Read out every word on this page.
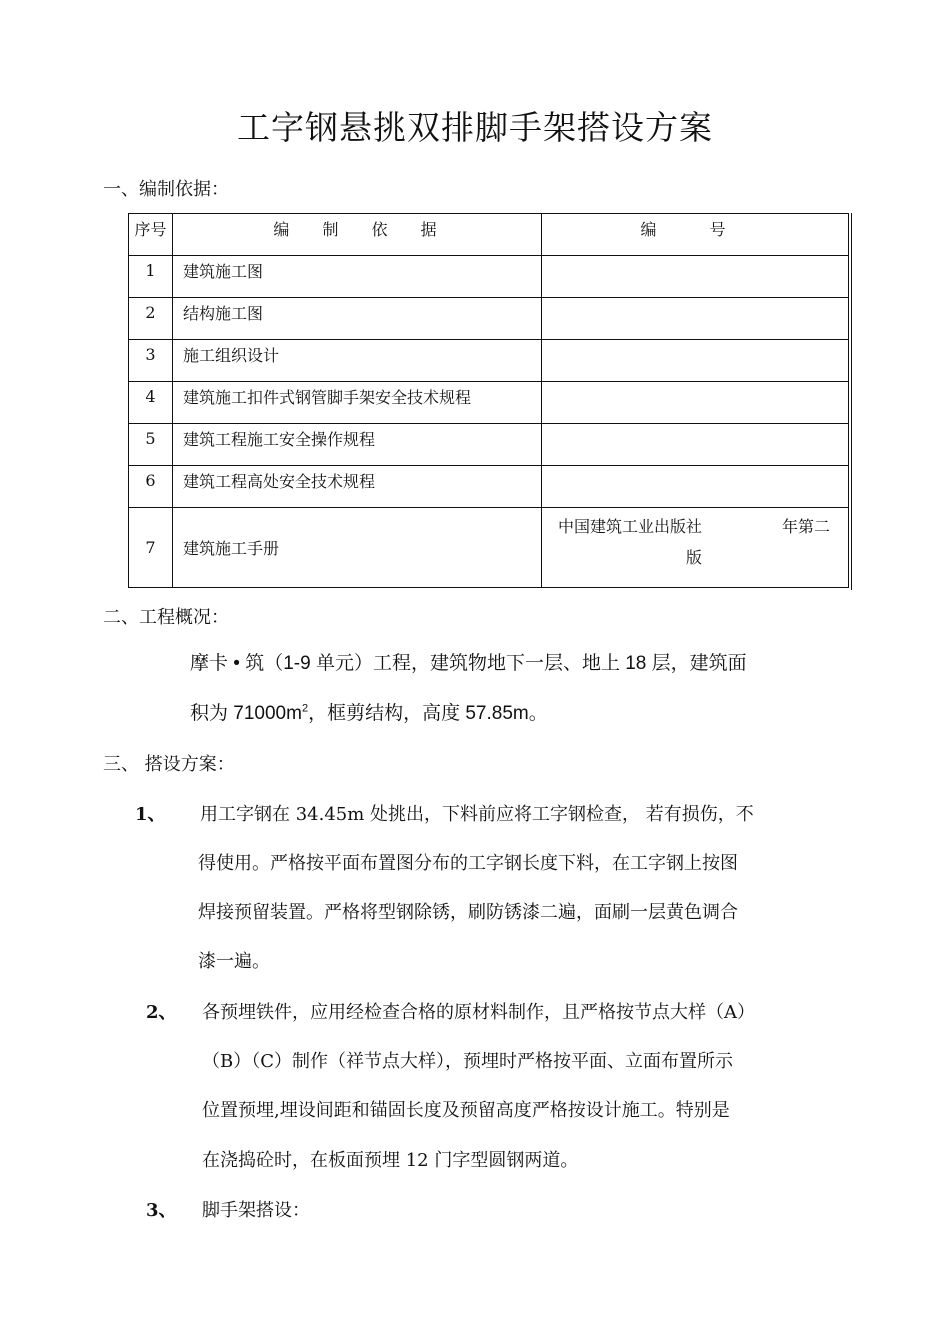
工字钢悬挑双排脚手架搭设方案
一、编制依据：
序号	编 制 依 据	编 号
1	建筑施工图	
2	结构施工图	
3	施工组织设计	
4	建筑施工扣件式钢管脚手架安全技术规程	
5	建筑工程施工安全操作规程	
6	建筑工程高处安全技术规程	
7	建筑施工手册	中国建筑工业出版社 年第二
版
二、工程概况：
摩卡 • 筑（1-9 单元）工程，建筑物地下一层、地上 18 层，建筑面
积为 $71000m^2$，框剪结构，高度 57.85m。
三、 搭设方案：
1、 用工字钢在 34.45m 处挑出，下料前应将工字钢检查， 若有损伤，不
得使用。严格按平面布置图分布的工字钢长度下料，在工字钢上按图
焊接预留装置。严格将型钢除锈，刷防锈漆二遍，面刷一层黄色调合
漆一遍。
2、 各预埋铁件，应用经检查合格的原材料制作，且严格按节点大样（A）
（B）（C）制作（祥节点大样），预埋时严格按平面、立面布置所示
位置预埋,埋设间距和锚固长度及预留高度严格按设计施工。特别是
在浇捣砼时，在板面预埋 12 门字型圆钢两道。
3、 脚手架搭设：
